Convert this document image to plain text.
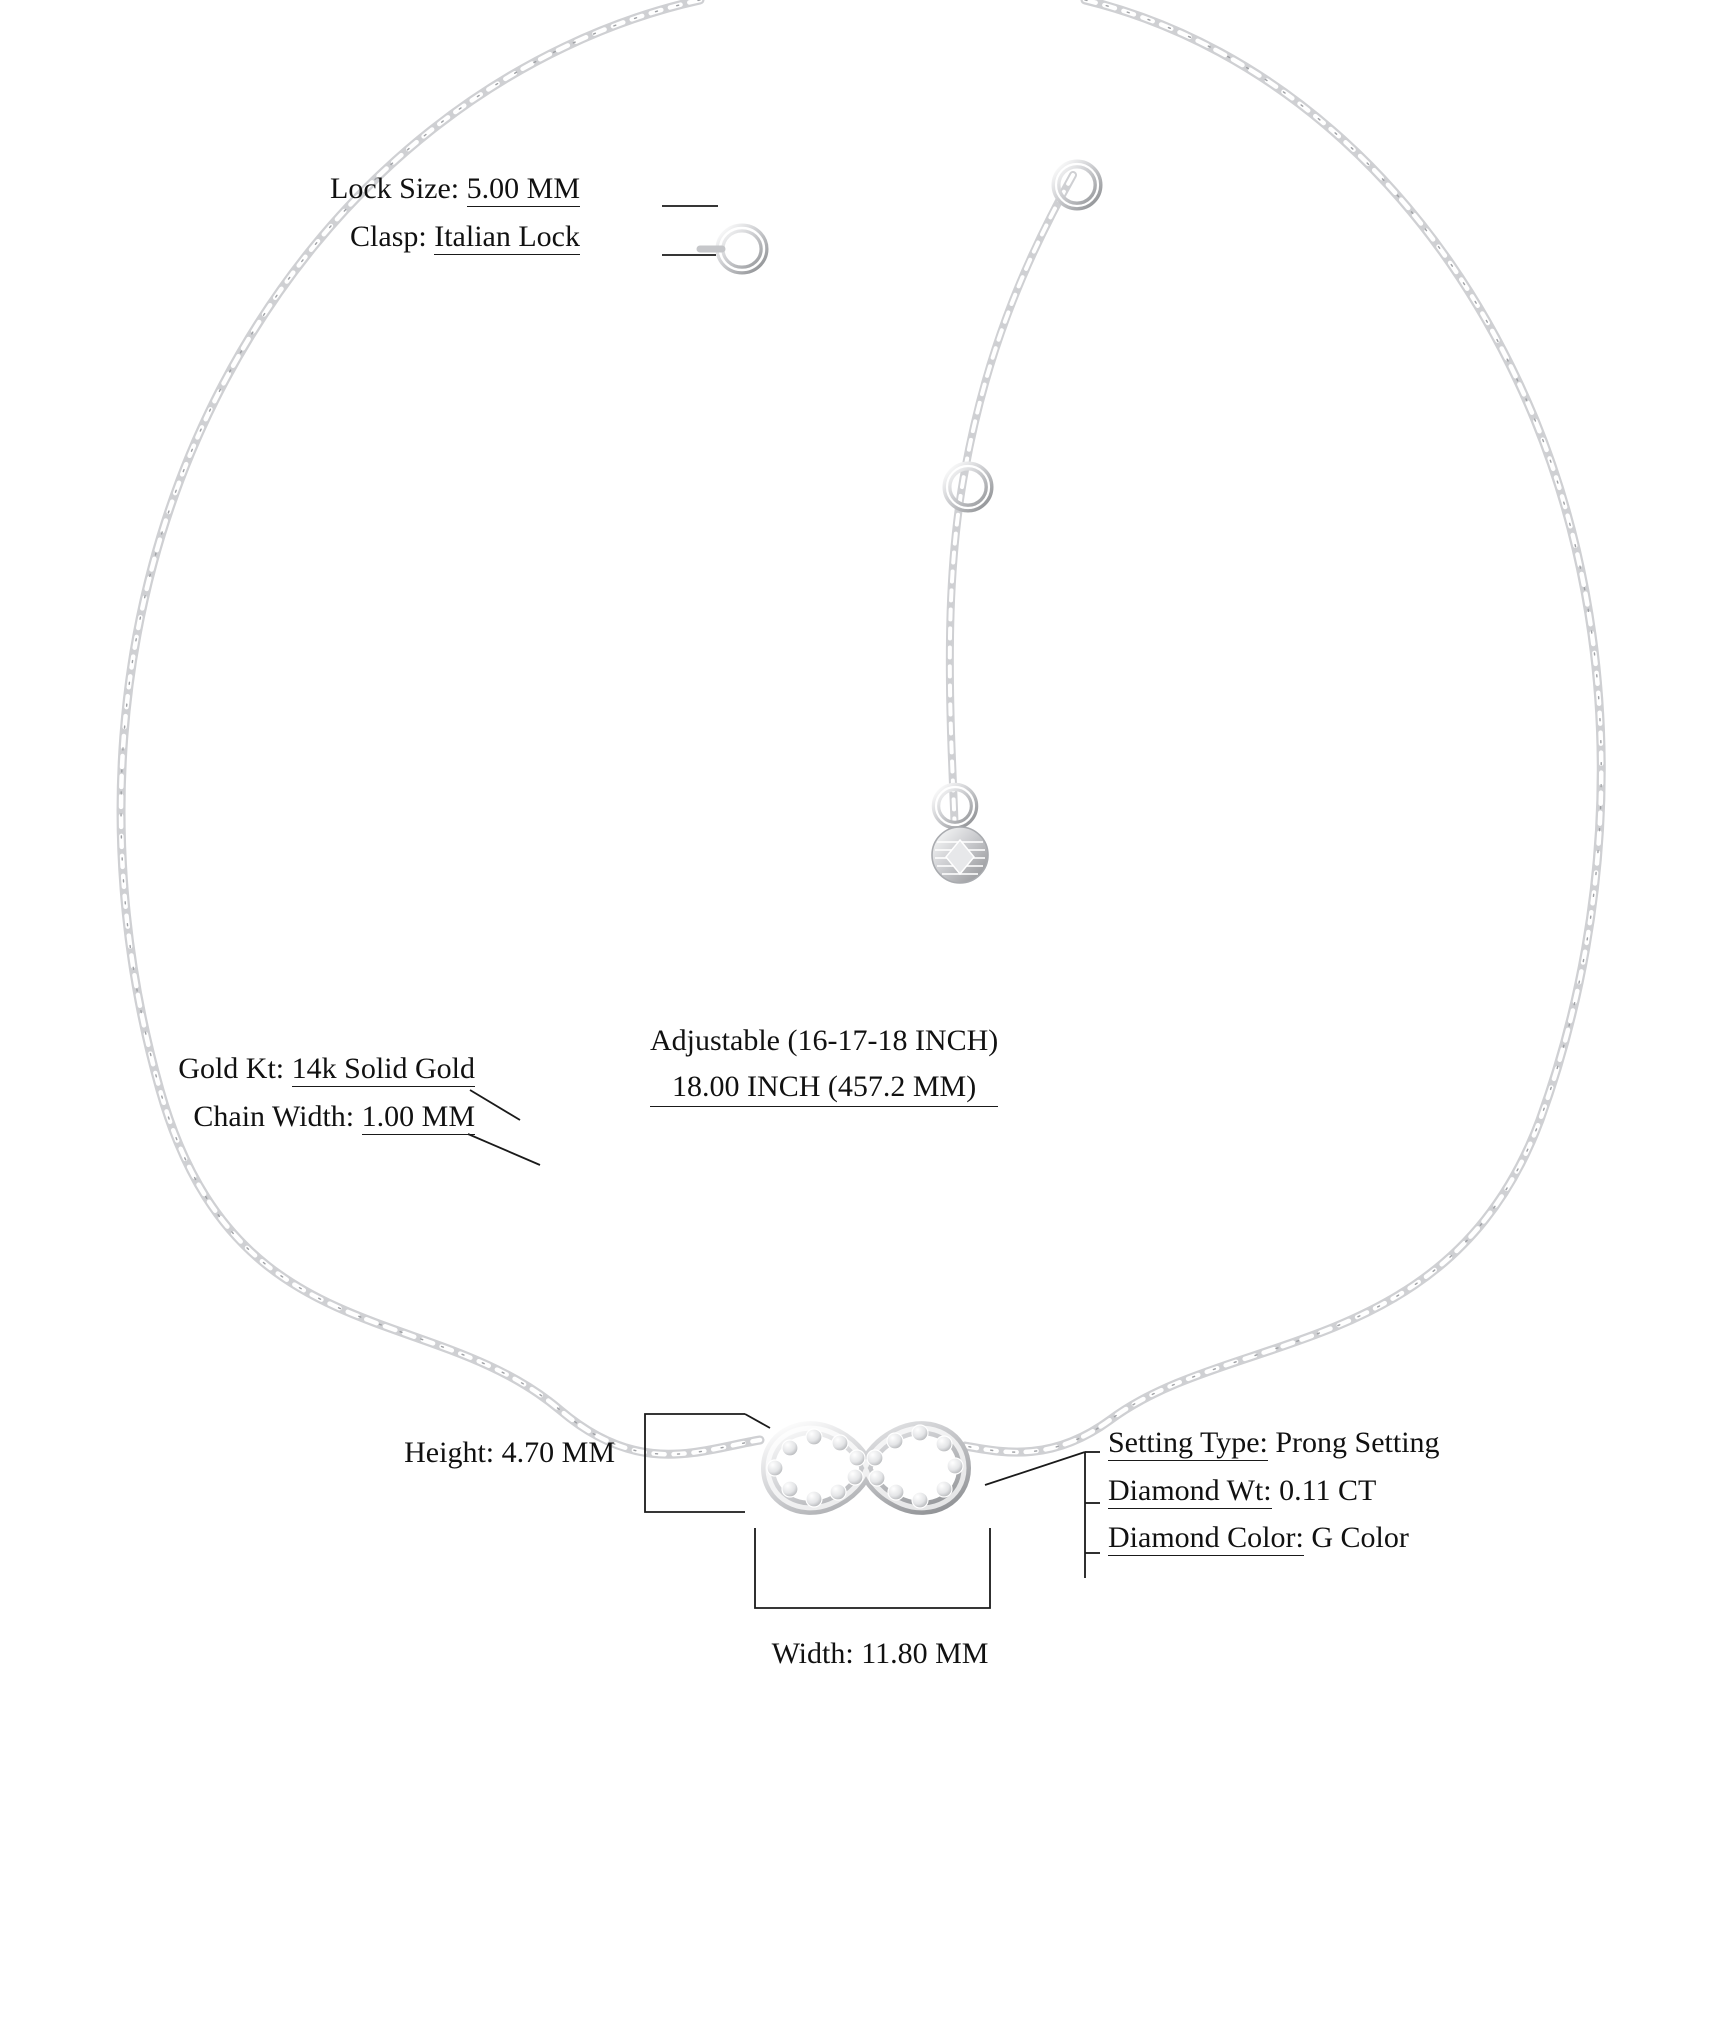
Lock Size: 5.00 MM
Clasp: Italian Lock
Adjustable (16-17-18 INCH)
18.00 INCH (457.2 MM)
Gold Kt: 14k Solid Gold
Chain Width: 1.00 MM
Height: 4.70 MM
Width: 11.80 MM
Setting Type: Prong Setting
Diamond Wt: 0.11 CT
Diamond Color: G Color
